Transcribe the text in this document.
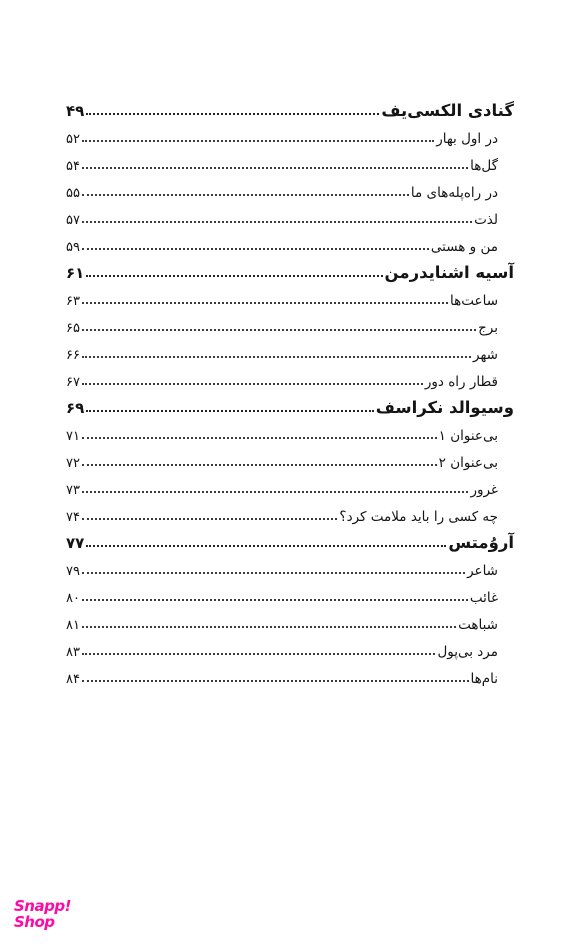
گنادی الکسی‌یف
۴۹
در اول بهار
۵۲
گل‌ها
۵۴
در راه‌پله‌های ما
۵۵
لذت
۵۷
من و هستی
۵۹
آسیه اشنایدرمن
۶۱
ساعت‌ها
۶۳
برج
۶۵
شهر
۶۶
قطار راه دور
۶۷
وسیوالد نکراسف
۶۹
بی‌عنوان ۱
۷۱
بی‌عنوان ۲
۷۲
غرور
۷۳
چه کسی را باید ملامت کرد؟
۷۴
آروُمتس
۷۷
شاعر
۷۹
غائب
۸۰
شباهت
۸۱
مرد بی‌پول
۸۳
نام‌ها
۸۴
Snapp!
Shop
